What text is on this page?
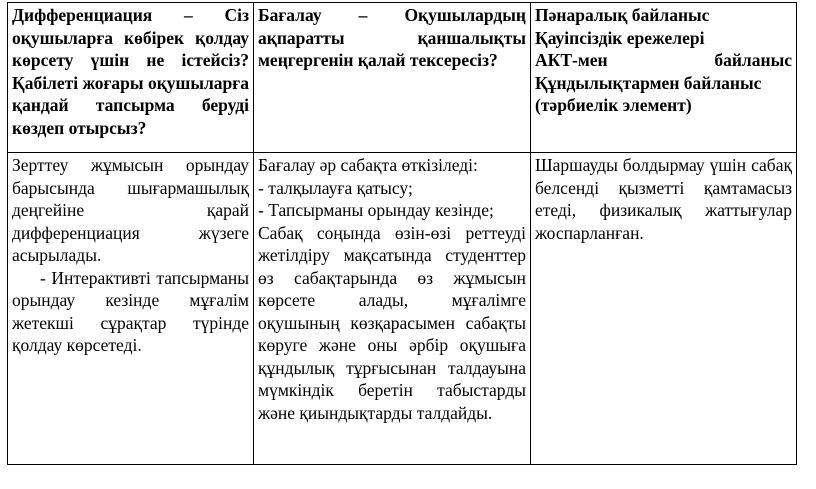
Дифференциация – Сіз оқушыларға көбірек қолдау көрсету үшін не істейсіз? Қабілеті жоғары оқушыларға қандай тапсырма беруді көздеп отырсыз?	Бағалау – Оқушылардың ақпаратты қаншалықты меңгергенін қалай тексересіз?	Пәнаралық байланыс
Қауіпсіздік ережелері
АКТ-мен байланыс
Құндылықтармен байланыс (тәрбиелік элемент)

Зерттеу жұмысын орындау барысында шығармашылық деңгейіне қарай дифференциация жүзеге асырылады.
- Интерактивті тапсырманы орындау кезінде мұғалім жетекші сұрақтар түрінде қолдау көрсетеді.	Бағалау әр сабақта өткізіледі:
- талқылауға қатысу;
- Тапсырманы орындау кезінде;
Сабақ соңында өзін-өзі реттеуді жетілдіру мақсатында студенттер өз сабақтарында өз жұмысын көрсете алады, мұғалімге оқушының көзқарасымен сабақты көруге және оны әрбір оқушыға құндылық тұрғысынан талдауына мүмкіндік беретін табыстарды және қиындықтарды талдайды.	Шаршауды болдырмау үшін сабақ белсенді қызметті қамтамасыз етеді, физикалық жаттығулар жоспарланған.
